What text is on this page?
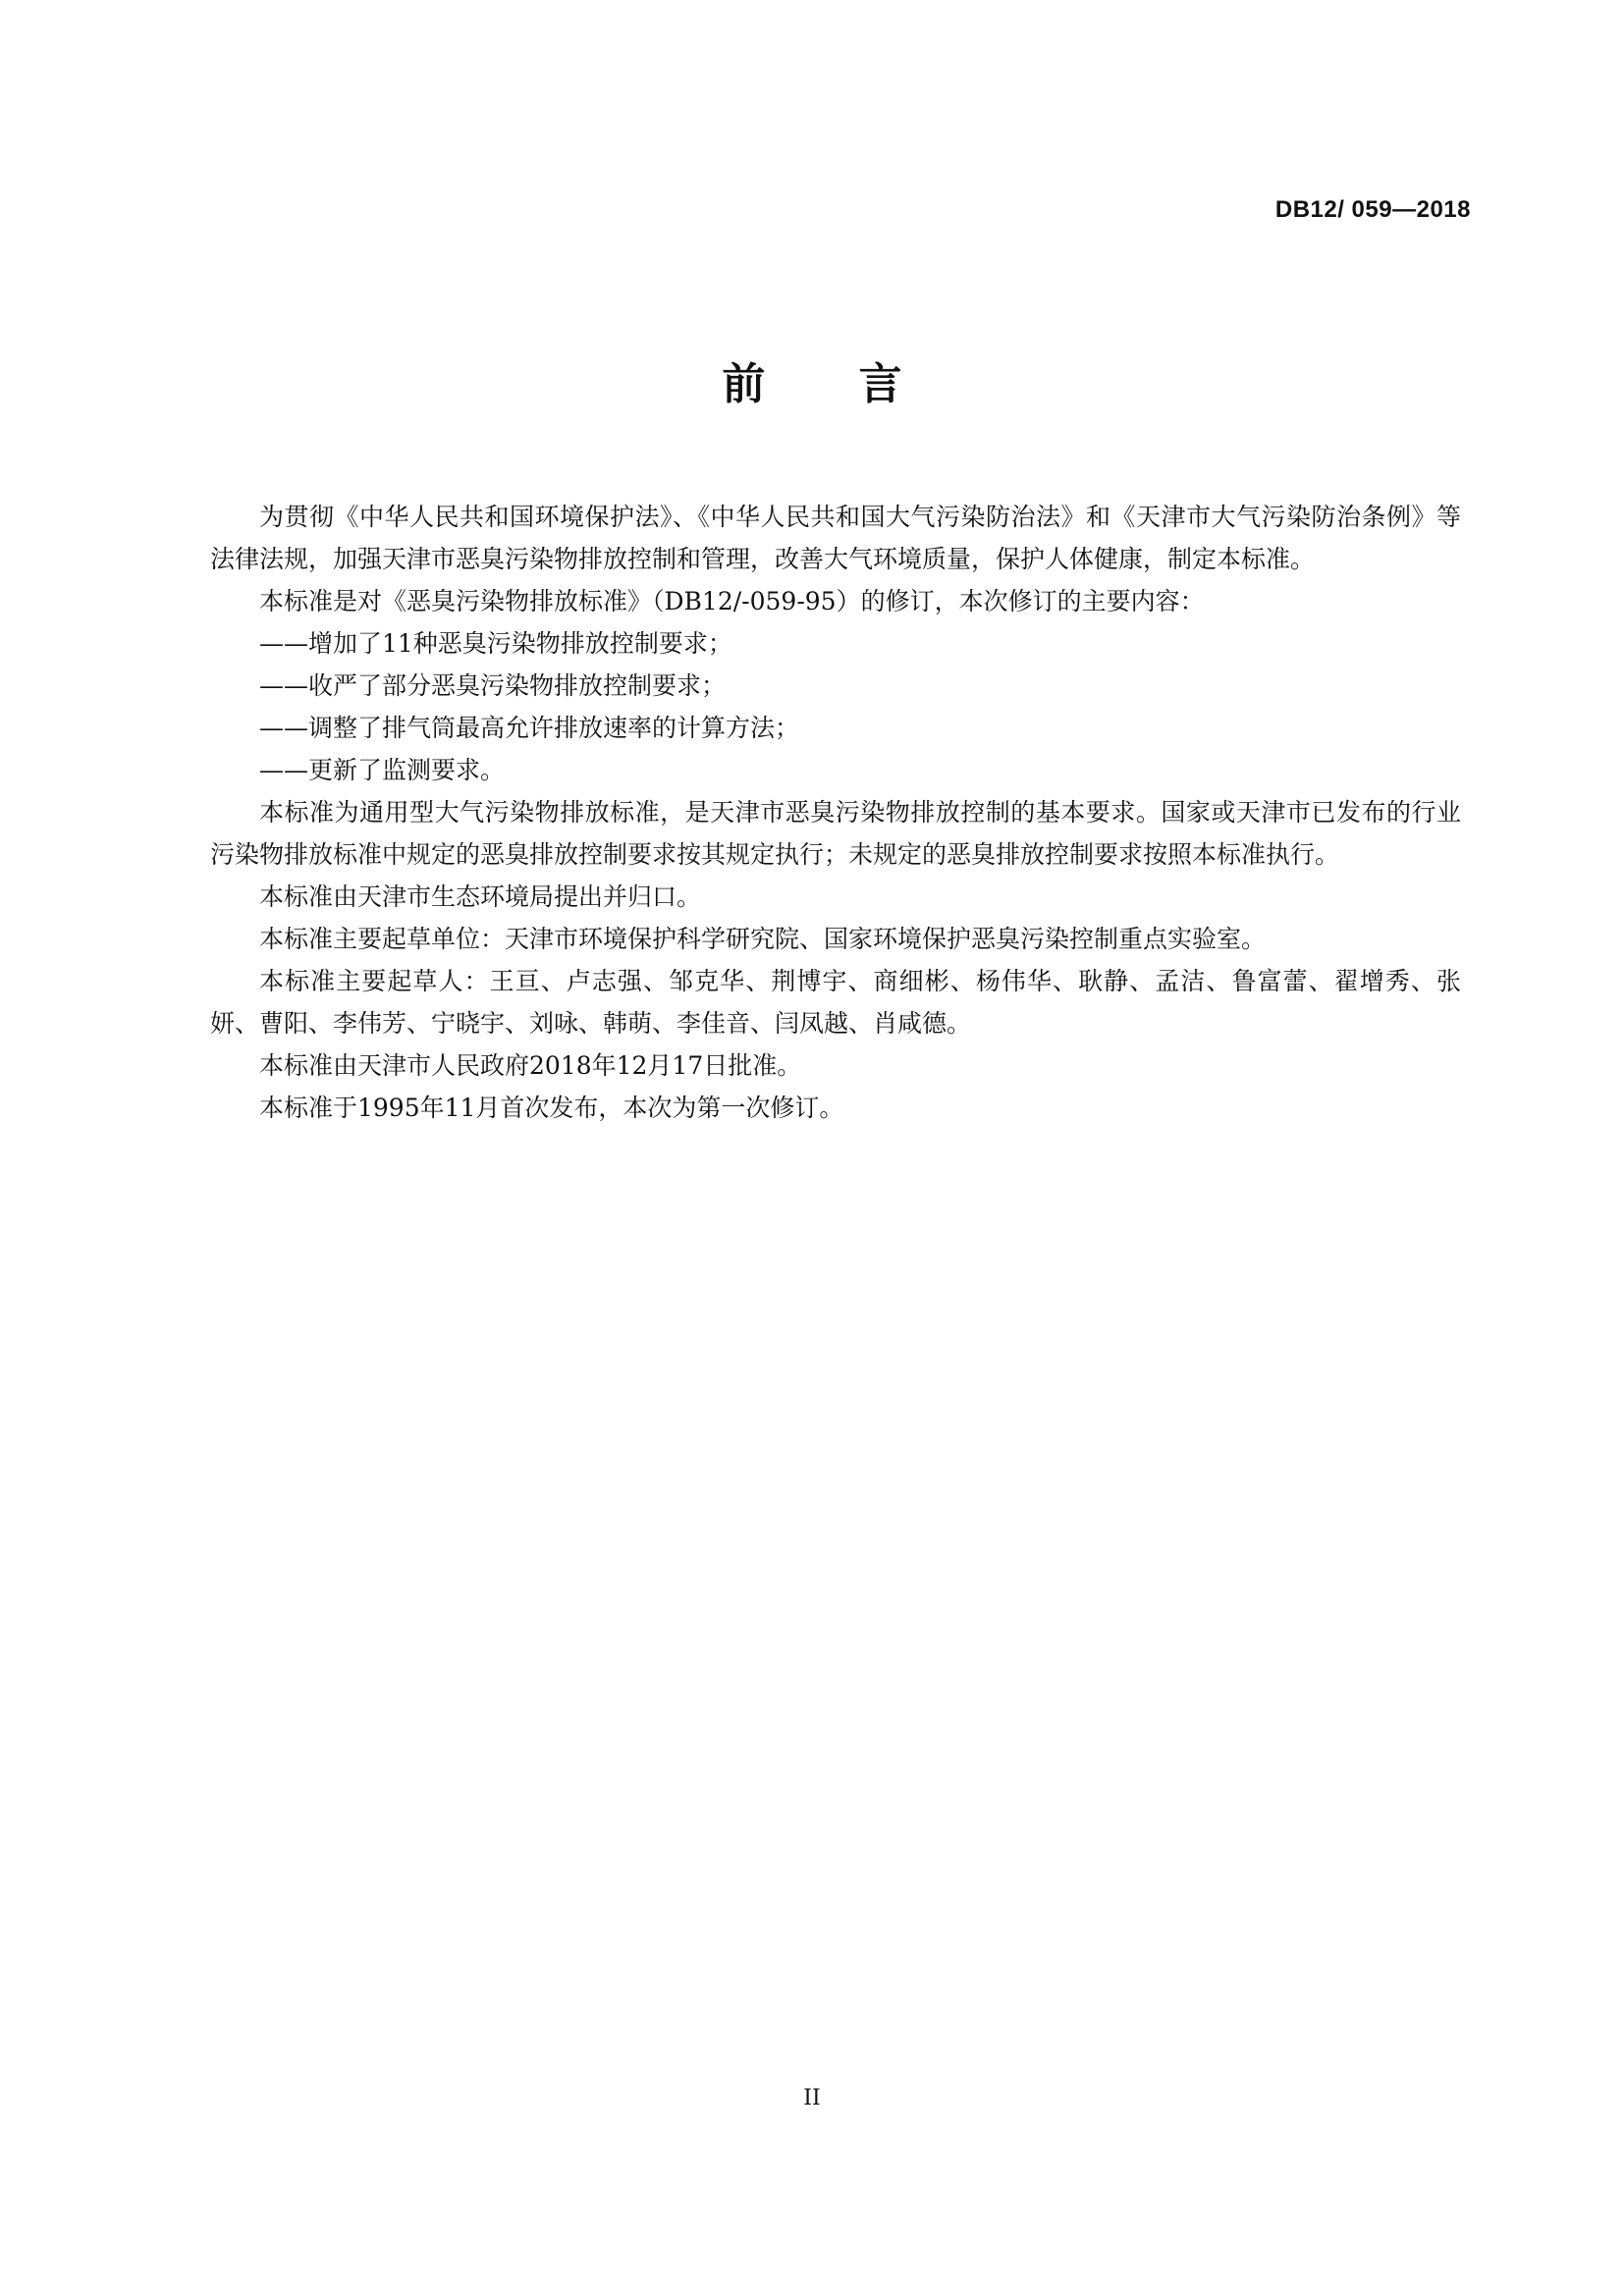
DB12/ 059—2018
前 言

为贯彻《中华人民共和国环境保护法》、《中华人民共和国大气污染防治法》和《天津市大气污染防治条例》等法律法规，加强天津市恶臭污染物排放控制和管理，改善大气环境质量，保护人体健康，制定本标准。

本标准是对《恶臭污染物排放标准》（DB12/-059-95）的修订，本次修订的主要内容：

——增加了11种恶臭污染物排放控制要求；

——收严了部分恶臭污染物排放控制要求；

——调整了排气筒最高允许排放速率的计算方法；

——更新了监测要求。

本标准为通用型大气污染物排放标准，是天津市恶臭污染物排放控制的基本要求。国家或天津市已发布的行业污染物排放标准中规定的恶臭排放控制要求按其规定执行；未规定的恶臭排放控制要求按照本标准执行。

本标准由天津市生态环境局提出并归口。

本标准主要起草单位：天津市环境保护科学研究院、国家环境保护恶臭污染控制重点实验室。

本标准主要起草人：王亘、卢志强、邹克华、荆博宇、商细彬、杨伟华、耿静、孟洁、鲁富蕾、翟增秀、张妍、曹阳、李伟芳、宁晓宇、刘咏、韩萌、李佳音、闫凤越、肖咸德。

本标准由天津市人民政府2018年12月17日批准。

本标准于1995年11月首次发布，本次为第一次修订。

II
